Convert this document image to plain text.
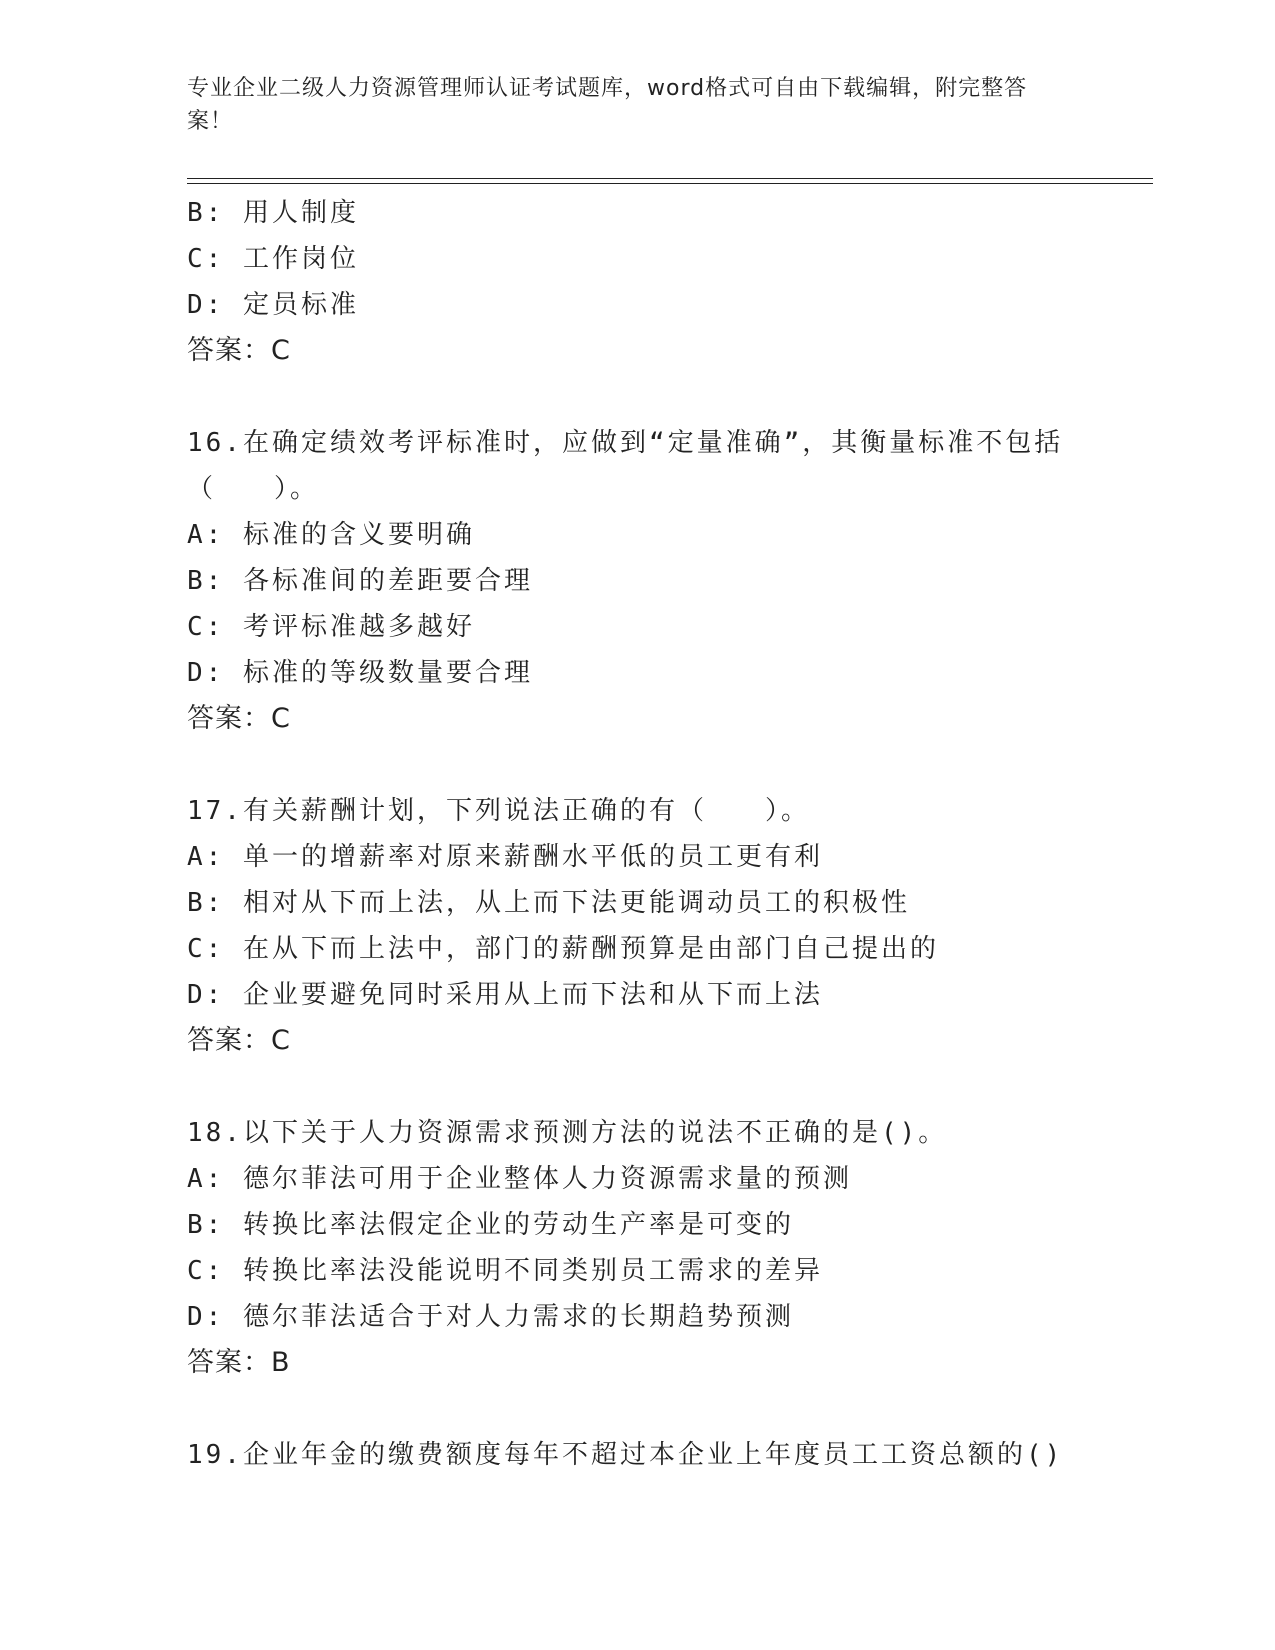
专业企业二级人力资源管理师认证考试题库，word格式可自由下载编辑，附完整答案！
B: 用人制度
C: 工作岗位
D: 定员标准
答案：C
16.在确定绩效考评标准时，应做到“定量准确”，其衡量标准不包括
（　　）。
A: 标准的含义要明确
B: 各标准间的差距要合理
C: 考评标准越多越好
D: 标准的等级数量要合理
答案：C
17.有关薪酬计划，下列说法正确的有（　　）。
A: 单一的增薪率对原来薪酬水平低的员工更有利
B: 相对从下而上法，从上而下法更能调动员工的积极性
C: 在从下而上法中，部门的薪酬预算是由部门自己提出的
D: 企业要避免同时采用从上而下法和从下而上法
答案：C
18.以下关于人力资源需求预测方法的说法不正确的是()。
A: 德尔菲法可用于企业整体人力资源需求量的预测
B: 转换比率法假定企业的劳动生产率是可变的
C: 转换比率法没能说明不同类别员工需求的差异
D: 德尔菲法适合于对人力需求的长期趋势预测
答案：B
19.企业年金的缴费额度每年不超过本企业上年度员工工资总额的()
